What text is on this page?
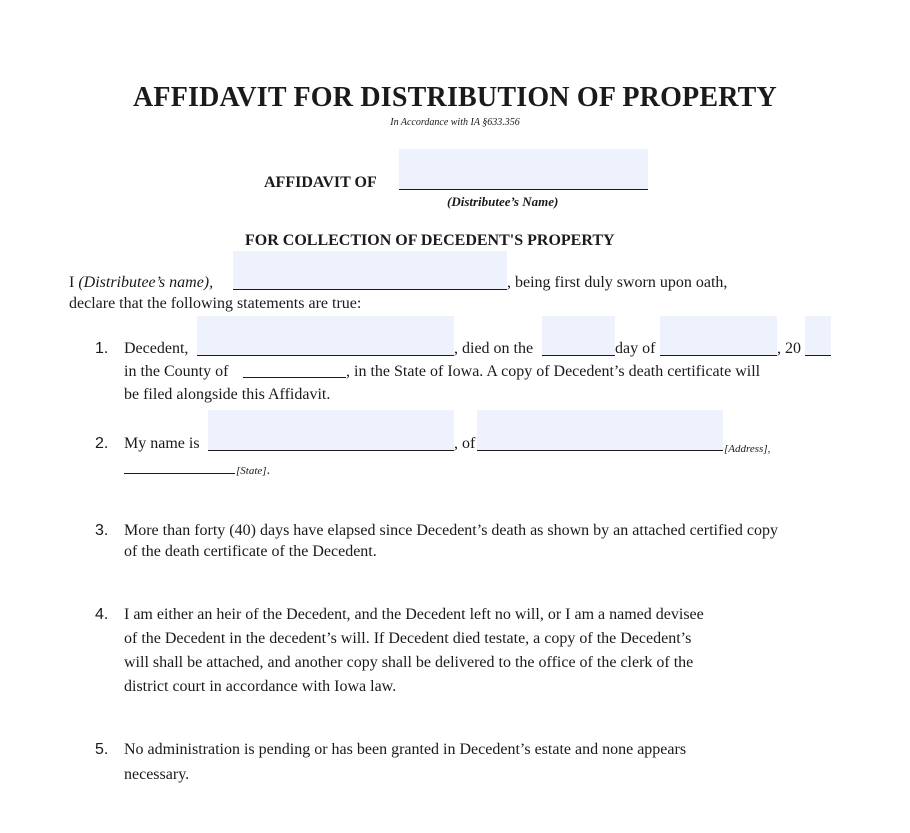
AFFIDAVIT FOR DISTRIBUTION OF PROPERTY
In Accordance with IA §633.356
AFFIDAVIT OF
(Distributee’s Name)
FOR COLLECTION OF DECEDENT'S PROPERTY
I (Distributee’s name),	, being first duly sworn upon oath,
declare that the following statements are true:
1. Decedent,	, died on the	day of	, 20
in the County of	, in the State of Iowa. A copy of Decedent’s death certificate will
be filed alongside this Affidavit.
2. My name is	, of	[Address],
[State].
3. More than forty (40) days have elapsed since Decedent’s death as shown by an attached certified copy
of the death certificate of the Decedent.
4. I am either an heir of the Decedent, and the Decedent left no will, or I am a named devisee
of the Decedent in the decedent’s will. If Decedent died testate, a copy of the Decedent’s
will shall be attached, and another copy shall be delivered to the office of the clerk of the
district court in accordance with Iowa law.
5. No administration is pending or has been granted in Decedent’s estate and none appears
necessary.
